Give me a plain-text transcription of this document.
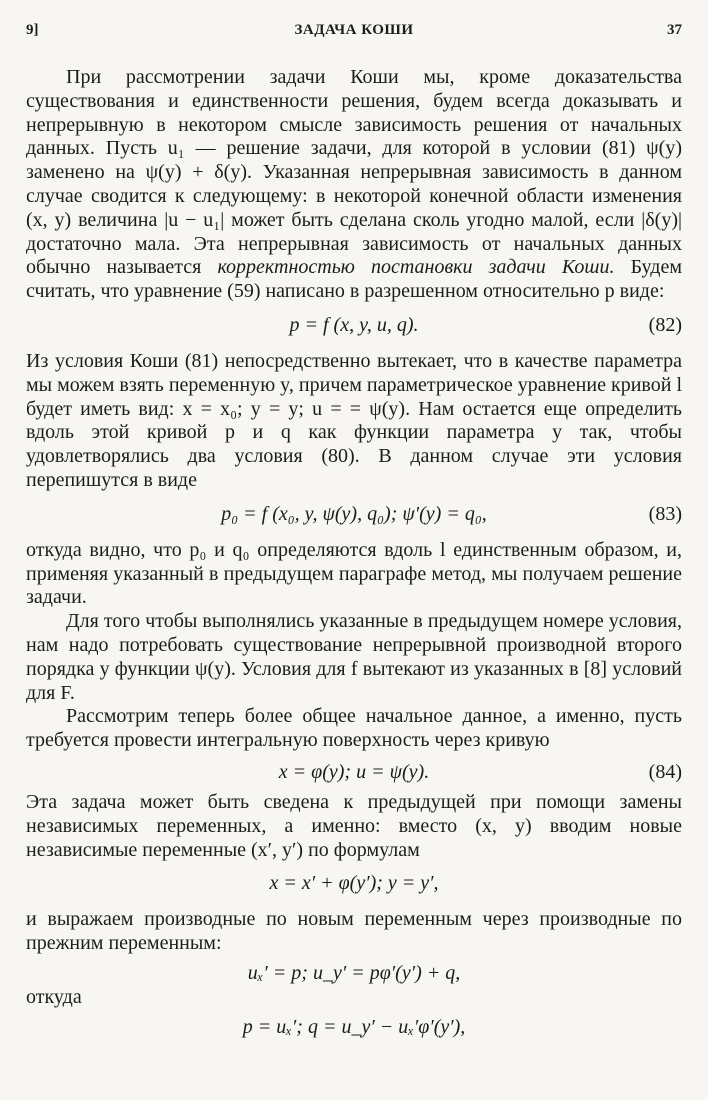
9]	ЗАДАЧА КОШИ	37

При рассмотрении задачи Коши мы, кроме доказательства существования и единственности решения, будем всегда доказывать и непрерывную в некотором смысле зависимость решения от начальных данных. Пусть u₁ — решение задачи, для которой в условии (81) ψ(y) заменено на ψ(y) + δ(y). Указанная непрерывная зависимость в данном случае сводится к следующему: в некоторой конечной области изменения (x, y) величина |u − u₁| может быть сделана сколь угодно малой, если |δ(y)| достаточно мала. Эта непрерывная зависимость от начальных данных обычно называется корректностью постановки задачи Коши. Будем считать, что уравнение (59) написано в разрешенном относительно p виде:

p = f (x, y, u, q).	(82)

Из условия Коши (81) непосредственно вытекает, что в качестве параметра мы можем взять переменную y, причем параметрическое уравнение кривой l будет иметь вид: x = x₀; y = y; u = = ψ(y). Нам остается еще определить вдоль этой кривой p и q как функции параметра y так, чтобы удовлетворялись два условия (80). В данном случае эти условия перепишутся в виде

p₀ = f (x₀, y, ψ(y), q₀); ψ′(y) = q₀,	(83)

откуда видно, что p₀ и q₀ определяются вдоль l единственным образом, и, применяя указанный в предыдущем параграфе метод, мы получаем решение задачи.

Для того чтобы выполнялись указанные в предыдущем номере условия, нам надо потребовать существование непрерывной производной второго порядка у функции ψ(y). Условия для f вытекают из указанных в [8] условий для F.

Рассмотрим теперь более общее начальное данное, а именно, пусть требуется провести интегральную поверхность через кривую

x = φ(y); u = ψ(y).	(84)

Эта задача может быть сведена к предыдущей при помощи замены независимых переменных, а именно: вместо (x, y) вводим новые независимые переменные (x′, y′) по формулам

x = x′ + φ(y′); y = y′,

и выражаем производные по новым переменным через производные по прежним переменным:

uₓ′ = p; u_y′ = pφ′(y′) + q,

откуда

p = uₓ′; q = u_y′ − uₓ′φ′(y′),
